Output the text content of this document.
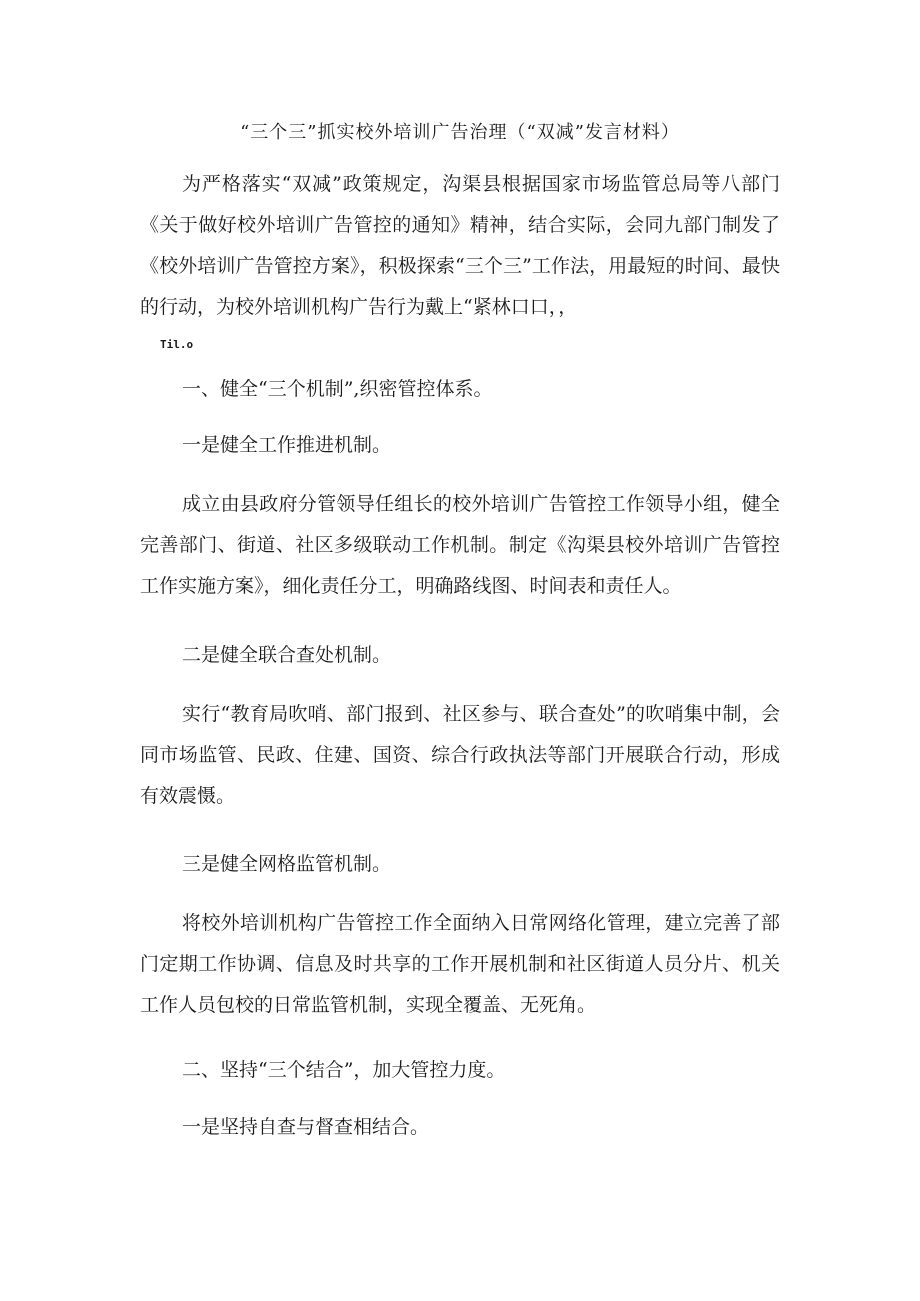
“三个三”抓实校外培训广告治理（“双减”发言材料）

为严格落实“双减”政策规定，沟渠县根据国家市场监管总局等八部门《关于做好校外培训广告管控的通知》精神，结合实际，会同九部门制发了《校外培训广告管控方案》，积极探索“三个三”工作法，用最短的时间、最快的行动，为校外培训机构广告行为戴上“紧林口口，，

Til.o

一、健全“三个机制”,织密管控体系。

一是健全工作推进机制。

成立由县政府分管领导任组长的校外培训广告管控工作领导小组，健全完善部门、街道、社区多级联动工作机制。制定《沟渠县校外培训广告管控工作实施方案》，细化责任分工，明确路线图、时间表和责任人。

二是健全联合查处机制。

实行“教育局吹哨、部门报到、社区参与、联合查处”的吹哨集中制，会同市场监管、民政、住建、国资、综合行政执法等部门开展联合行动，形成有效震慑。

三是健全网格监管机制。

将校外培训机构广告管控工作全面纳入日常网络化管理，建立完善了部门定期工作协调、信息及时共享的工作开展机制和社区街道人员分片、机关工作人员包校的日常监管机制，实现全覆盖、无死角。

二、坚持“三个结合”，加大管控力度。

一是坚持自查与督查相结合。
